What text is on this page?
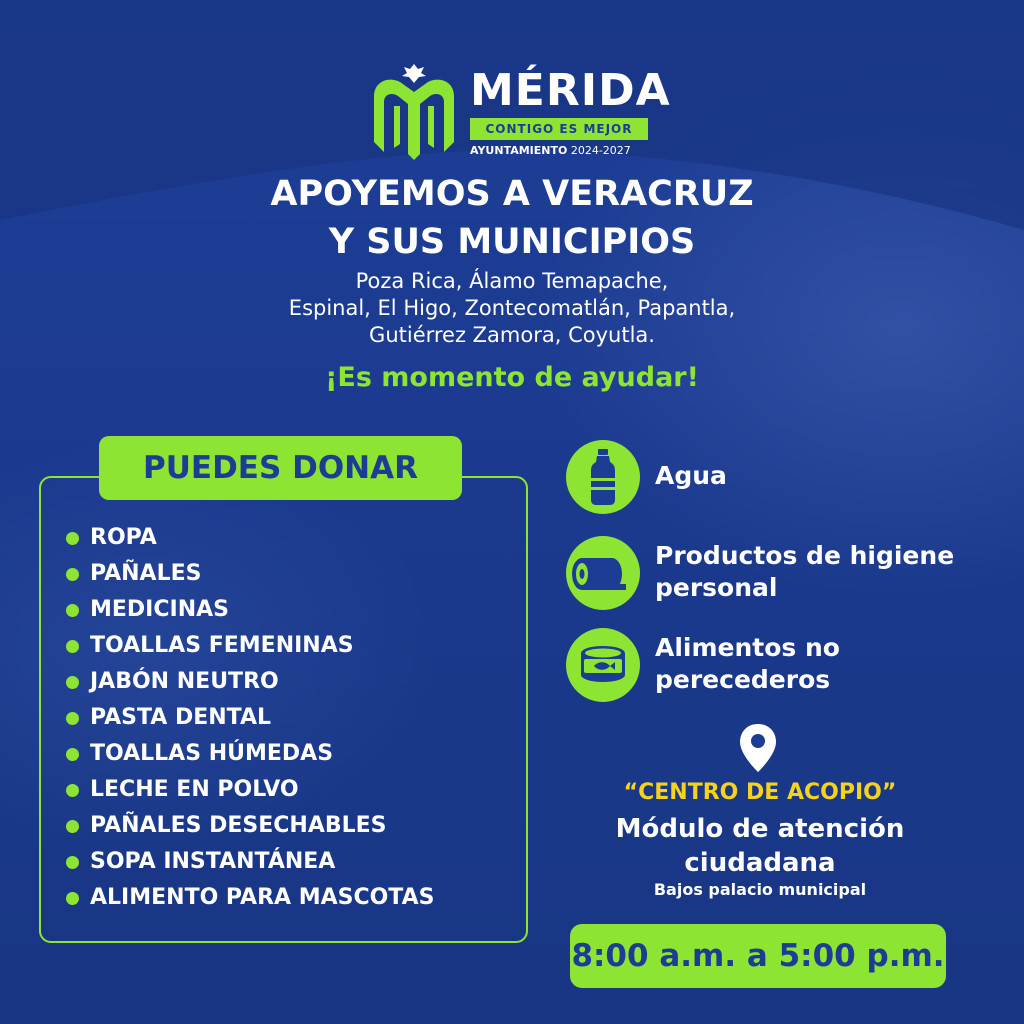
MÉRIDA
CONTIGO ES MEJOR
AYUNTAMIENTO 2024-2027
APOYEMOS A VERACRUZ
Y SUS MUNICIPIOS
Poza Rica, Álamo Temapache,
Espinal, El Higo, Zontecomatlán, Papantla,
Gutiérrez Zamora, Coyutla.
¡Es momento de ayudar!
PUEDES DONAR
ROPA
PAÑALES
MEDICINAS
TOALLAS FEMENINAS
JABÓN NEUTRO
PASTA DENTAL
TOALLAS HÚMEDAS
LECHE EN POLVO
PAÑALES DESECHABLES
SOPA INSTANTÁNEA
ALIMENTO PARA MASCOTAS
Agua
Productos de higiene
personal
Alimentos no
perecederos
“CENTRO DE ACOPIO”
Módulo de atención
ciudadana
Bajos palacio municipal
8:00 a.m. a 5:00 p.m.
